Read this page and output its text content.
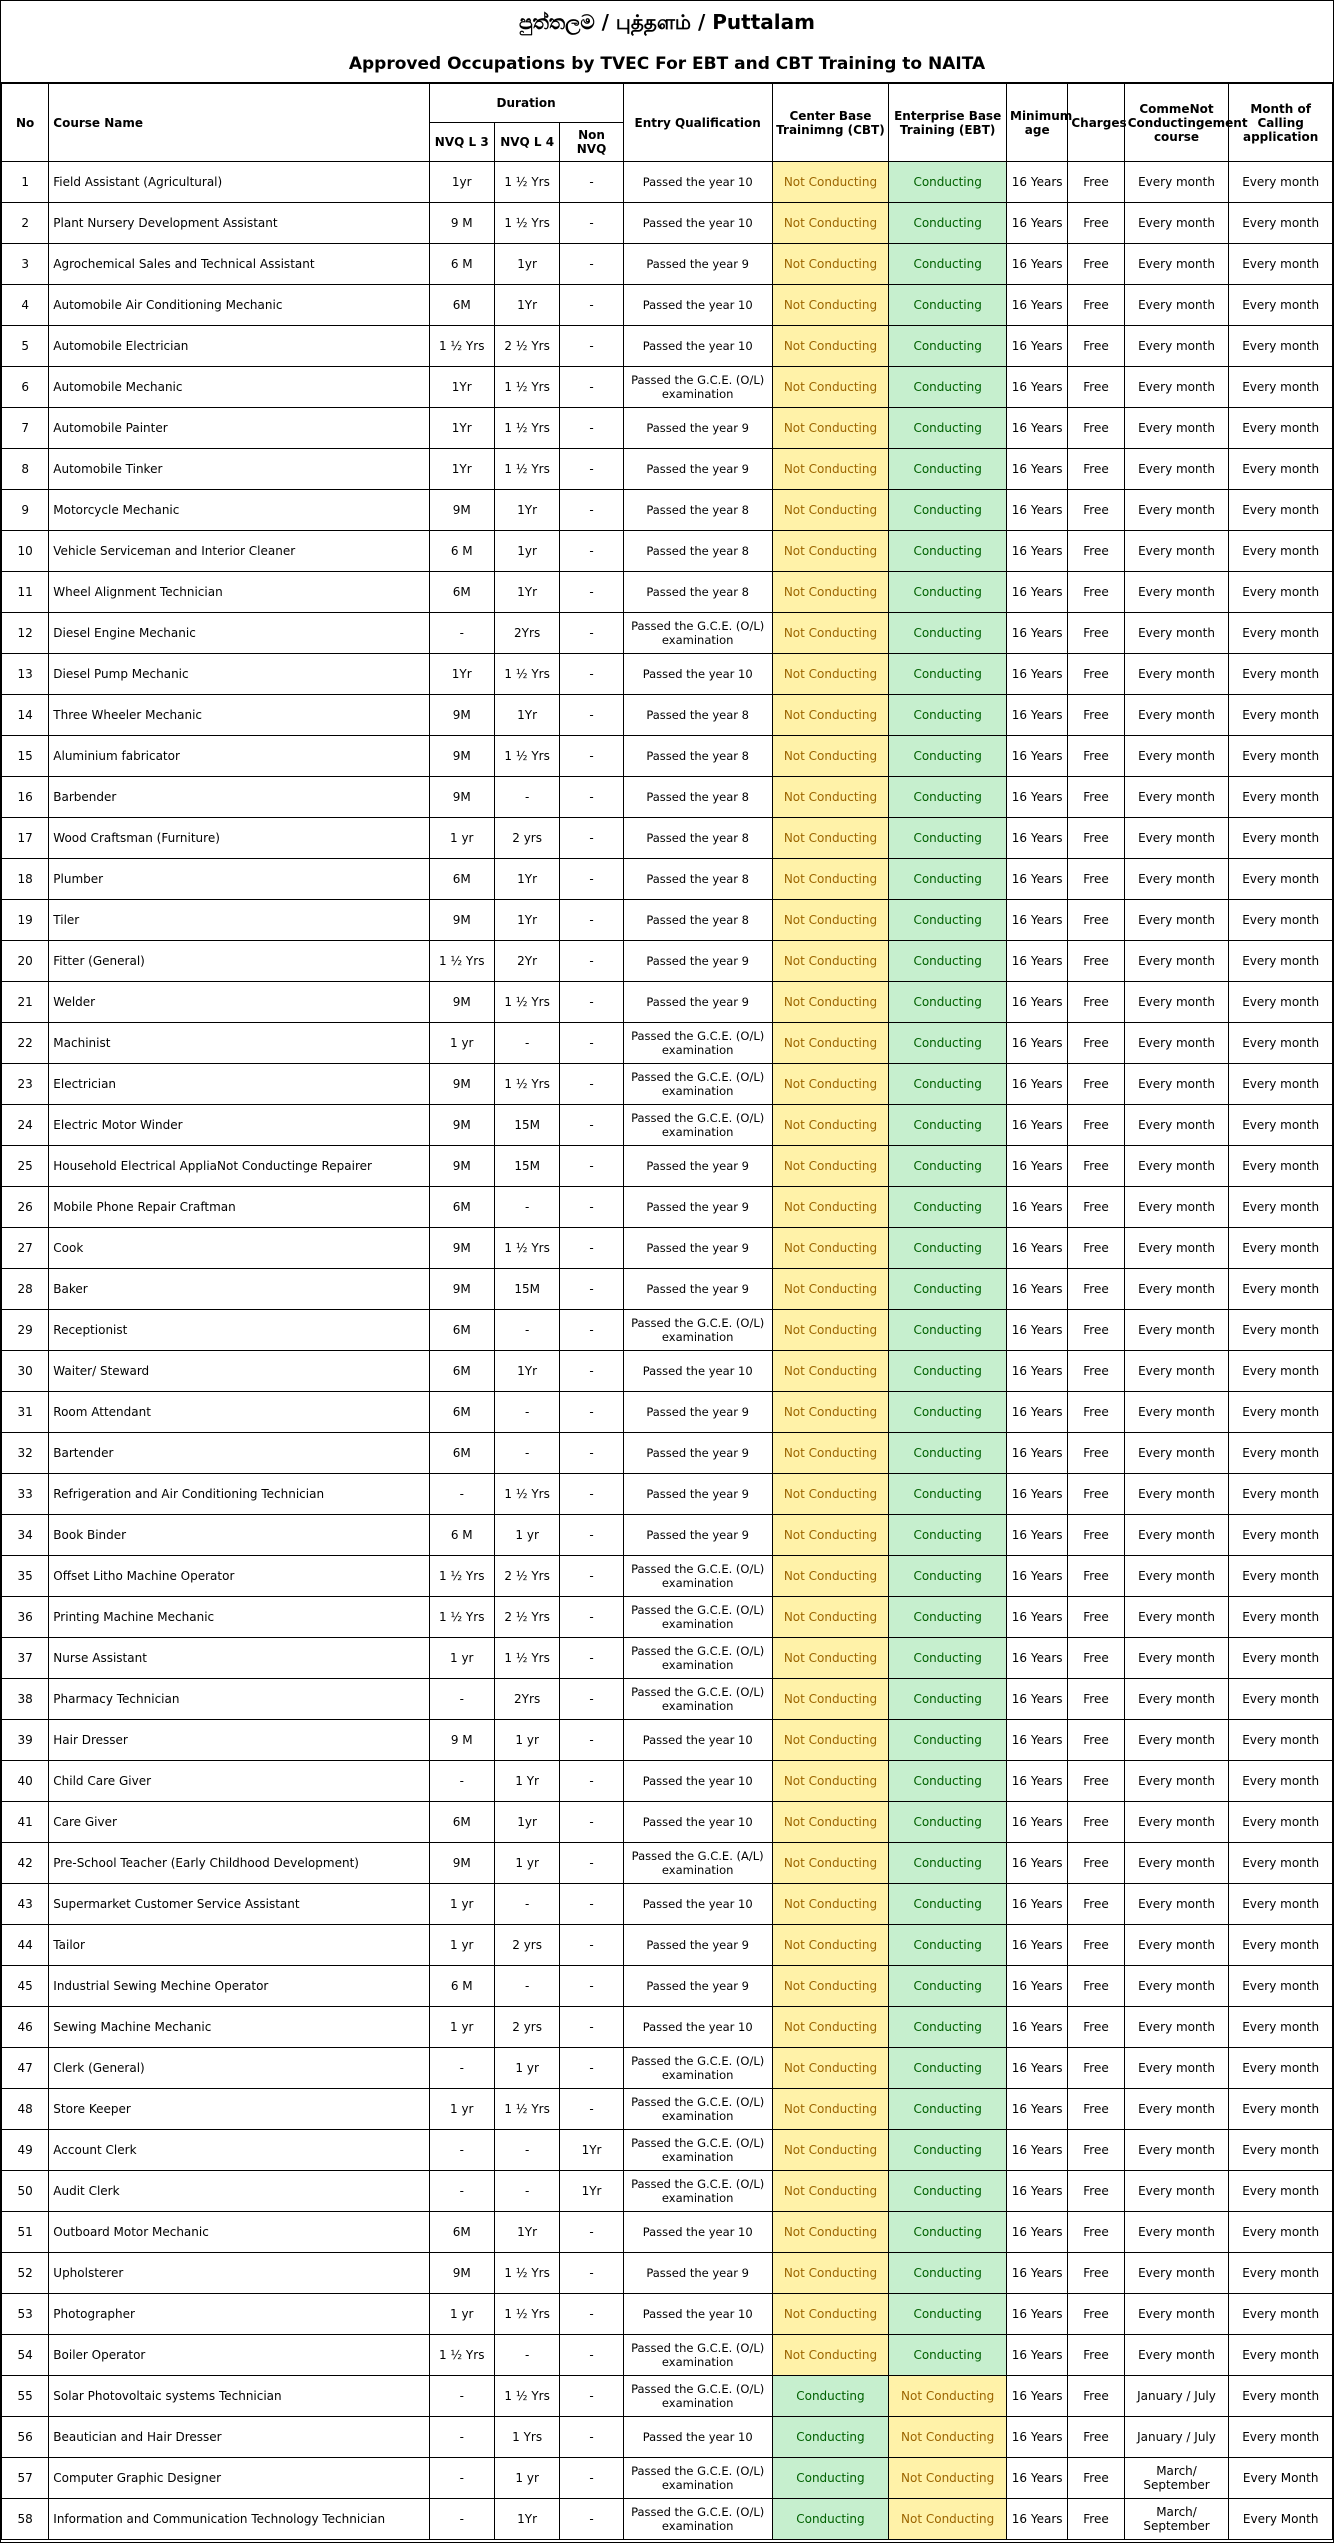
පුත්තලම / புத்தளம் / Puttalam
Approved Occupations by TVEC For EBT and CBT Training to NAITA
No	Course Name	Duration			Entry Qualification	Center Base Trainimng (CBT)	Enterprise Base Training (EBT)	Minimum age	Charges	CommeNot Conductingement course	Month of Calling application
		NVQ L 3	NVQ L 4	Non NVQ							
1	Field Assistant (Agricultural)	1yr	1 ½ Yrs	-	Passed the year 10	Not Conducting	Conducting	16 Years	Free	Every month	Every month
2	Plant Nursery Development Assistant	9 M	1 ½ Yrs	-	Passed the year 10	Not Conducting	Conducting	16 Years	Free	Every month	Every month
3	Agrochemical Sales and Technical Assistant	6 M	1yr	-	Passed the year 9	Not Conducting	Conducting	16 Years	Free	Every month	Every month
4	Automobile Air Conditioning Mechanic	6M	1Yr	-	Passed the year 10	Not Conducting	Conducting	16 Years	Free	Every month	Every month
5	Automobile Electrician	1 ½ Yrs	2 ½ Yrs	-	Passed the year 10	Not Conducting	Conducting	16 Years	Free	Every month	Every month
6	Automobile Mechanic	1Yr	1 ½ Yrs	-	Passed the G.C.E. (O/L) examination	Not Conducting	Conducting	16 Years	Free	Every month	Every month
7	Automobile Painter	1Yr	1 ½ Yrs	-	Passed the year 9	Not Conducting	Conducting	16 Years	Free	Every month	Every month
8	Automobile Tinker	1Yr	1 ½ Yrs	-	Passed the year 9	Not Conducting	Conducting	16 Years	Free	Every month	Every month
9	Motorcycle Mechanic	9M	1Yr	-	Passed the year 8	Not Conducting	Conducting	16 Years	Free	Every month	Every month
10	Vehicle Serviceman and Interior Cleaner	6 M	1yr	-	Passed the year 8	Not Conducting	Conducting	16 Years	Free	Every month	Every month
11	Wheel Alignment Technician	6M	1Yr	-	Passed the year 8	Not Conducting	Conducting	16 Years	Free	Every month	Every month
12	Diesel Engine Mechanic	-	2Yrs	-	Passed the G.C.E. (O/L) examination	Not Conducting	Conducting	16 Years	Free	Every month	Every month
13	Diesel Pump Mechanic	1Yr	1 ½ Yrs	-	Passed the year 10	Not Conducting	Conducting	16 Years	Free	Every month	Every month
14	Three Wheeler Mechanic	9M	1Yr	-	Passed the year 8	Not Conducting	Conducting	16 Years	Free	Every month	Every month
15	Aluminium fabricator	9M	1 ½ Yrs	-	Passed the year 8	Not Conducting	Conducting	16 Years	Free	Every month	Every month
16	Barbender	9M	-	-	Passed the year 8	Not Conducting	Conducting	16 Years	Free	Every month	Every month
17	Wood Craftsman (Furniture)	1 yr	2 yrs	-	Passed the year 8	Not Conducting	Conducting	16 Years	Free	Every month	Every month
18	Plumber	6M	1Yr	-	Passed the year 8	Not Conducting	Conducting	16 Years	Free	Every month	Every month
19	Tiler	9M	1Yr	-	Passed the year 8	Not Conducting	Conducting	16 Years	Free	Every month	Every month
20	Fitter (General)	1 ½ Yrs	2Yr	-	Passed the year 9	Not Conducting	Conducting	16 Years	Free	Every month	Every month
21	Welder	9M	1 ½ Yrs	-	Passed the year 9	Not Conducting	Conducting	16 Years	Free	Every month	Every month
22	Machinist	1 yr	-	-	Passed the G.C.E. (O/L) examination	Not Conducting	Conducting	16 Years	Free	Every month	Every month
23	Electrician	9M	1 ½ Yrs	-	Passed the G.C.E. (O/L) examination	Not Conducting	Conducting	16 Years	Free	Every month	Every month
24	Electric Motor Winder	9M	15M	-	Passed the G.C.E. (O/L) examination	Not Conducting	Conducting	16 Years	Free	Every month	Every month
25	Household Electrical AppliaNot Conductinge Repairer	9M	15M	-	Passed the year 9	Not Conducting	Conducting	16 Years	Free	Every month	Every month
26	Mobile Phone Repair Craftman	6M	-	-	Passed the year 9	Not Conducting	Conducting	16 Years	Free	Every month	Every month
27	Cook	9M	1 ½ Yrs	-	Passed the year 9	Not Conducting	Conducting	16 Years	Free	Every month	Every month
28	Baker	9M	15M	-	Passed the year 9	Not Conducting	Conducting	16 Years	Free	Every month	Every month
29	Receptionist	6M	-	-	Passed the G.C.E. (O/L) examination	Not Conducting	Conducting	16 Years	Free	Every month	Every month
30	Waiter/ Steward	6M	1Yr	-	Passed the year 10	Not Conducting	Conducting	16 Years	Free	Every month	Every month
31	Room Attendant	6M	-	-	Passed the year 9	Not Conducting	Conducting	16 Years	Free	Every month	Every month
32	Bartender	6M	-	-	Passed the year 9	Not Conducting	Conducting	16 Years	Free	Every month	Every month
33	Refrigeration and Air Conditioning Technician	-	1 ½ Yrs	-	Passed the year 9	Not Conducting	Conducting	16 Years	Free	Every month	Every month
34	Book Binder	6 M	1 yr	-	Passed the year 9	Not Conducting	Conducting	16 Years	Free	Every month	Every month
35	Offset Litho Machine Operator	1 ½ Yrs	2 ½ Yrs	-	Passed the G.C.E. (O/L) examination	Not Conducting	Conducting	16 Years	Free	Every month	Every month
36	Printing Machine Mechanic	1 ½ Yrs	2 ½ Yrs	-	Passed the G.C.E. (O/L) examination	Not Conducting	Conducting	16 Years	Free	Every month	Every month
37	Nurse Assistant	1 yr	1 ½ Yrs	-	Passed the G.C.E. (O/L) examination	Not Conducting	Conducting	16 Years	Free	Every month	Every month
38	Pharmacy Technician	-	2Yrs	-	Passed the G.C.E. (O/L) examination	Not Conducting	Conducting	16 Years	Free	Every month	Every month
39	Hair Dresser	9 M	1 yr	-	Passed the year 10	Not Conducting	Conducting	16 Years	Free	Every month	Every month
40	Child Care Giver	-	1 Yr	-	Passed the year 10	Not Conducting	Conducting	16 Years	Free	Every month	Every month
41	Care Giver	6M	1yr	-	Passed the year 10	Not Conducting	Conducting	16 Years	Free	Every month	Every month
42	Pre-School Teacher (Early Childhood Development)	9M	1 yr	-	Passed the G.C.E. (A/L) examination	Not Conducting	Conducting	16 Years	Free	Every month	Every month
43	Supermarket Customer Service Assistant	1 yr	-	-	Passed the year 10	Not Conducting	Conducting	16 Years	Free	Every month	Every month
44	Tailor	1 yr	2 yrs	-	Passed the year 9	Not Conducting	Conducting	16 Years	Free	Every month	Every month
45	Industrial Sewing Mechine Operator	6 M	-	-	Passed the year 9	Not Conducting	Conducting	16 Years	Free	Every month	Every month
46	Sewing Machine Mechanic	1 yr	2 yrs	-	Passed the year 10	Not Conducting	Conducting	16 Years	Free	Every month	Every month
47	Clerk (General)	-	1 yr	-	Passed the G.C.E. (O/L) examination	Not Conducting	Conducting	16 Years	Free	Every month	Every month
48	Store Keeper	1 yr	1 ½ Yrs	-	Passed the G.C.E. (O/L) examination	Not Conducting	Conducting	16 Years	Free	Every month	Every month
49	Account Clerk	-	-	1Yr	Passed the G.C.E. (O/L) examination	Not Conducting	Conducting	16 Years	Free	Every month	Every month
50	Audit Clerk	-	-	1Yr	Passed the G.C.E. (O/L) examination	Not Conducting	Conducting	16 Years	Free	Every month	Every month
51	Outboard Motor Mechanic	6M	1Yr	-	Passed the year 10	Not Conducting	Conducting	16 Years	Free	Every month	Every month
52	Upholsterer	9M	1 ½ Yrs	-	Passed the year 9	Not Conducting	Conducting	16 Years	Free	Every month	Every month
53	Photographer	1 yr	1 ½ Yrs	-	Passed the year 10	Not Conducting	Conducting	16 Years	Free	Every month	Every month
54	Boiler Operator	1 ½ Yrs	-	-	Passed the G.C.E. (O/L) examination	Not Conducting	Conducting	16 Years	Free	Every month	Every month
55	Solar Photovoltaic systems Technician	-	1 ½ Yrs	-	Passed the G.C.E. (O/L) examination	Conducting	Not Conducting	16 Years	Free	January / July	Every month
56	Beautician and Hair Dresser	-	1 Yrs	-	Passed the year 10	Conducting	Not Conducting	16 Years	Free	January / July	Every month
57	Computer Graphic Designer	-	1 yr	-	Passed the G.C.E. (O/L) examination	Conducting	Not Conducting	16 Years	Free	March/ September	Every Month
58	Information and Communication Technology Technician	-	1Yr	-	Passed the G.C.E. (O/L) examination	Conducting	Not Conducting	16 Years	Free	March/ September	Every Month
